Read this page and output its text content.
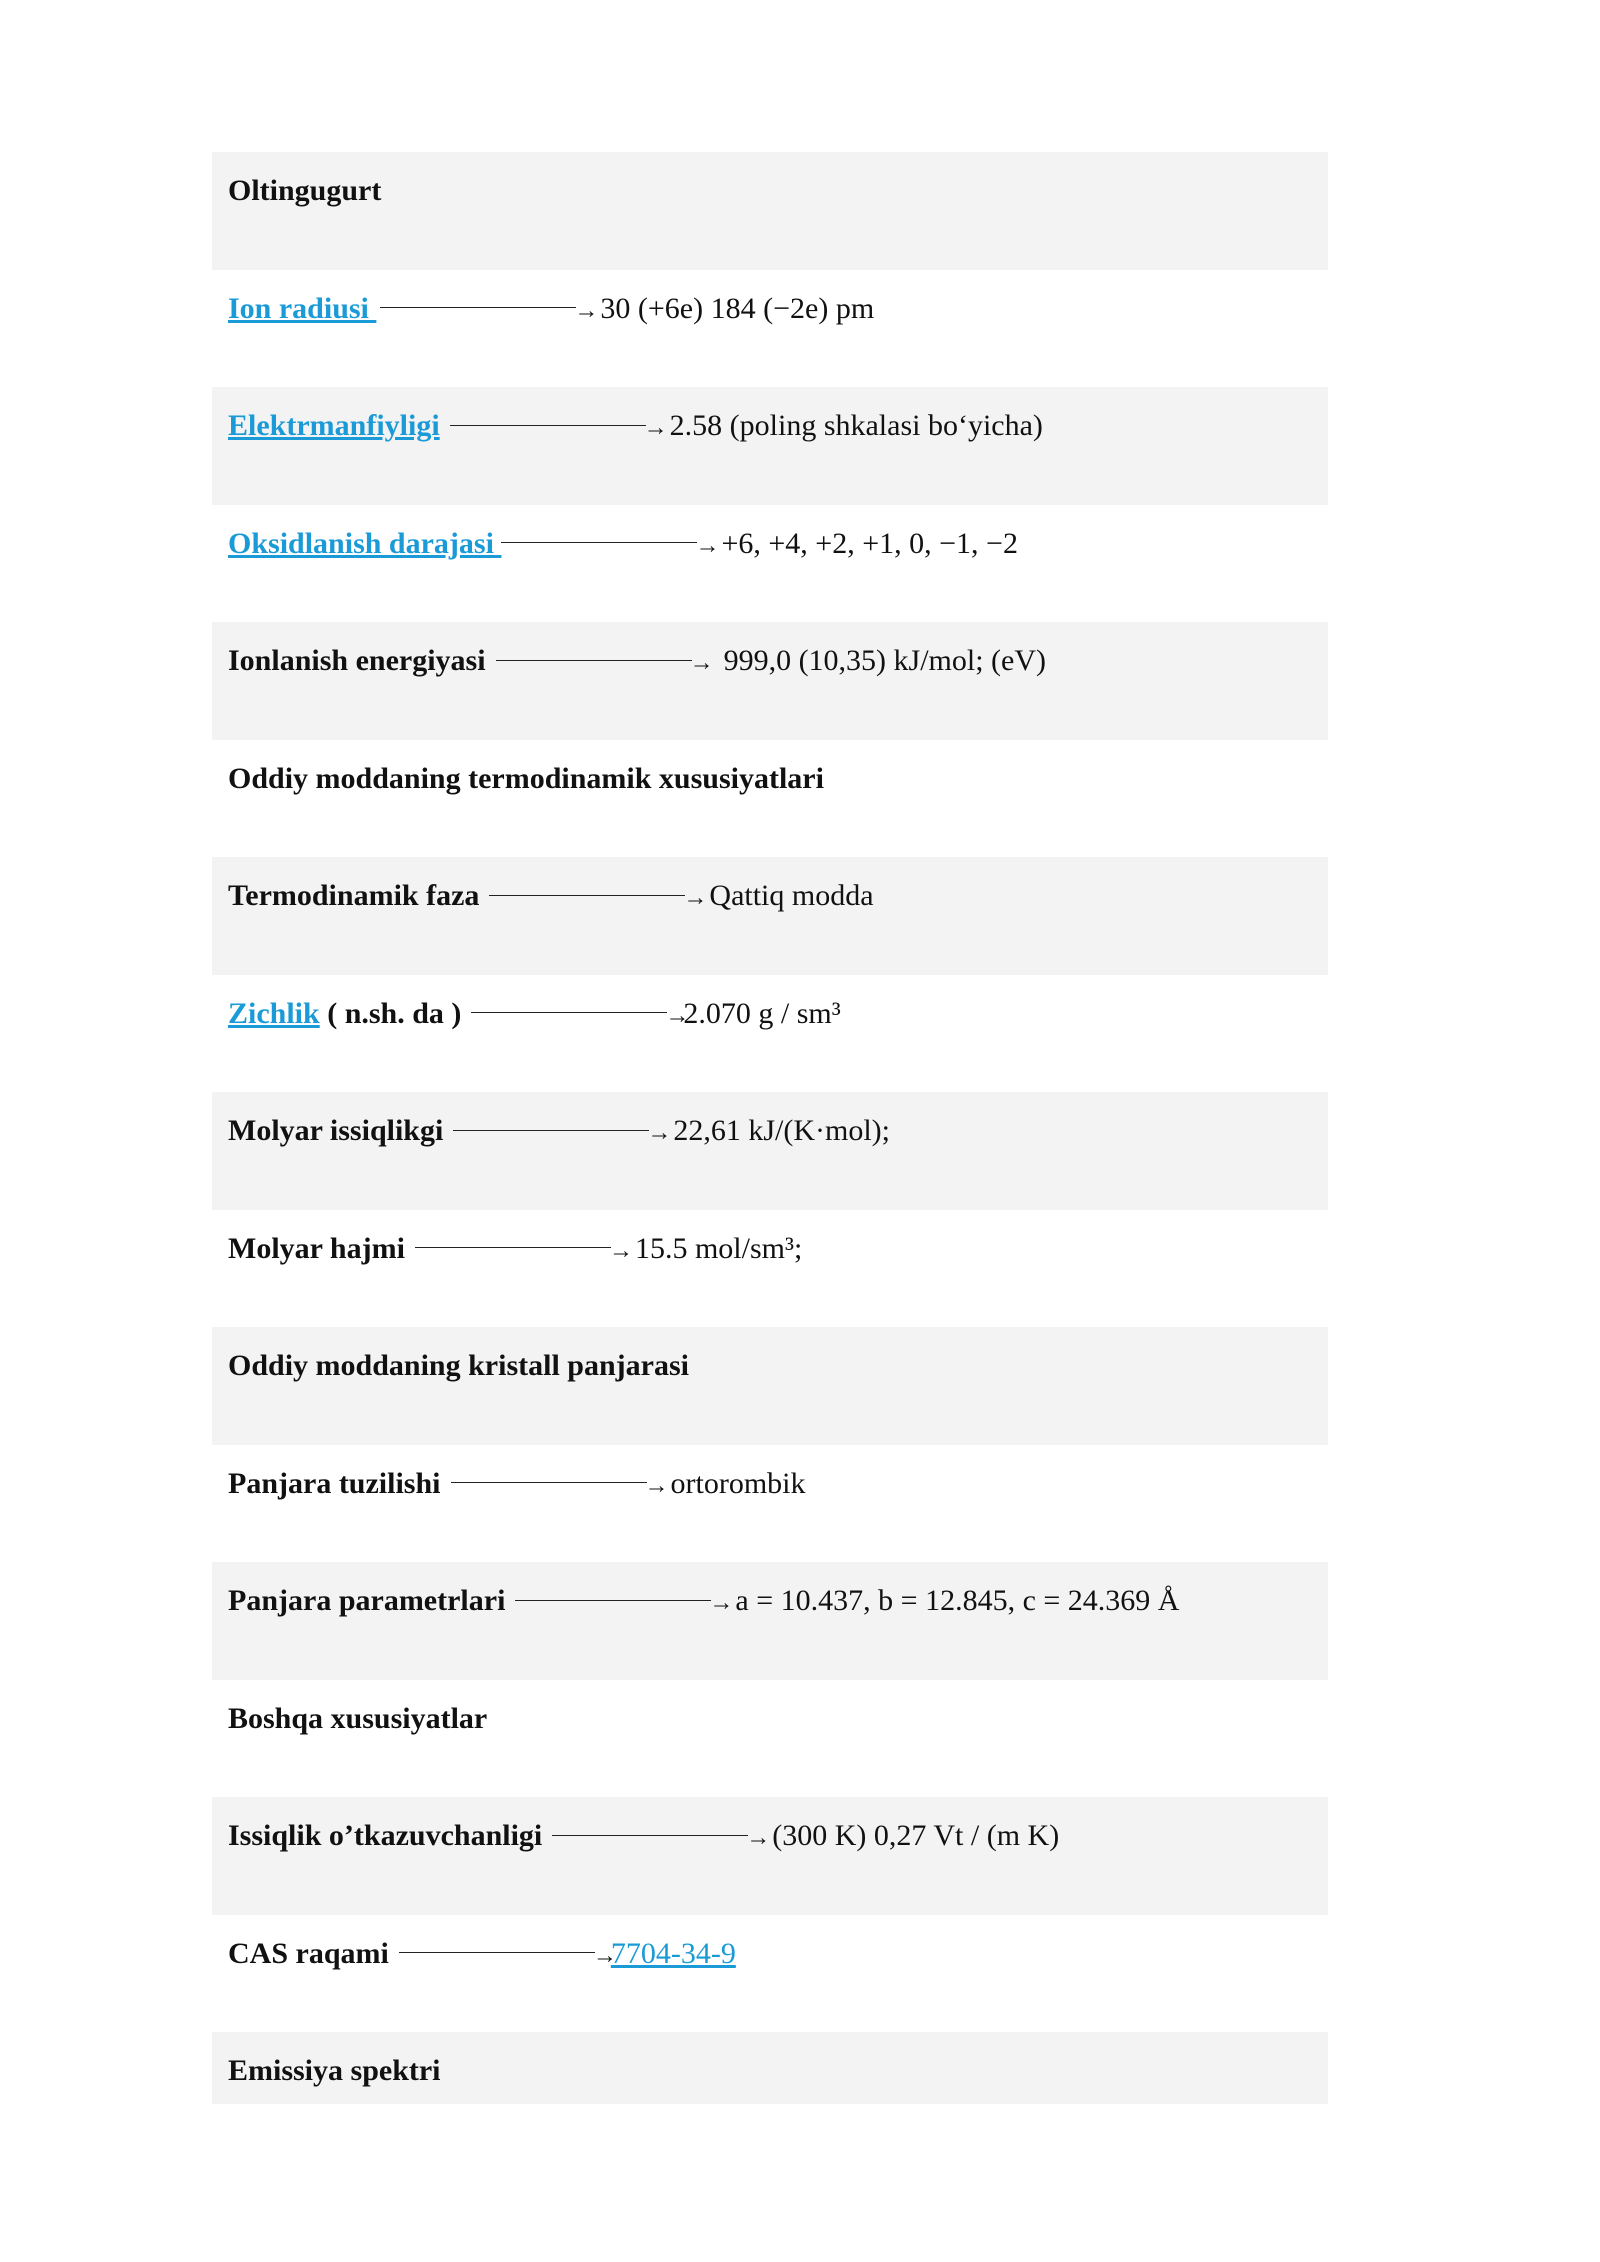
Oltingugurt
Ion radiusi	→30 (+6e) 184 (−2e) pm
Elektrmanfiyligi	→2.58 (poling shkalasi bo‘yicha)
Oksidlanish darajasi	→+6, +4, +2, +1, 0, −1, −2
Ionlanish energiyasi	→ 999,0 (10,35) kJ/mol; (eV)
Oddiy moddaning termodinamik xususiyatlari
Termodinamik faza	→Qattiq modda
Zichlik ( n.sh. da )	→2.070 g / sm³
Molyar issiqlikgi	→22,61 kJ/(K·mol);
Molyar hajmi	→15.5 mol/sm³;
Oddiy moddaning kristall panjarasi
Panjara tuzilishi	→ortorombik
Panjara parametrlari	→a = 10.437, b = 12.845, c = 24.369 Å
Boshqa xususiyatlar
Issiqlik o’tkazuvchanligi	→(300 K) 0,27 Vt / (m K)
CAS raqami	→7704-34-9
Emissiya spektri
